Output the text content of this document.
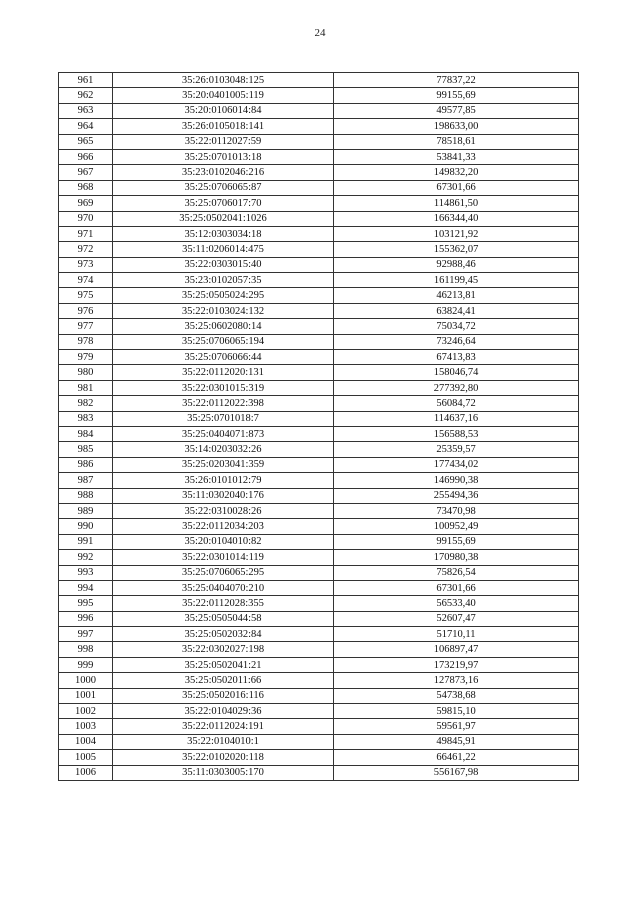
24
961	35:26:0103048:125	77837,22
962	35:20:0401005:119	99155,69
963	35:20:0106014:84	49577,85
964	35:26:0105018:141	198633,00
965	35:22:0112027:59	78518,61
966	35:25:0701013:18	53841,33
967	35:23:0102046:216	149832,20
968	35:25:0706065:87	67301,66
969	35:25:0706017:70	114861,50
970	35:25:0502041:1026	166344,40
971	35:12:0303034:18	103121,92
972	35:11:0206014:475	155362,07
973	35:22:0303015:40	92988,46
974	35:23:0102057:35	161199,45
975	35:25:0505024:295	46213,81
976	35:22:0103024:132	63824,41
977	35:25:0602080:14	75034,72
978	35:25:0706065:194	73246,64
979	35:25:0706066:44	67413,83
980	35:22:0112020:131	158046,74
981	35:22:0301015:319	277392,80
982	35:22:0112022:398	56084,72
983	35:25:0701018:7	114637,16
984	35:25:0404071:873	156588,53
985	35:14:0203032:26	25359,57
986	35:25:0203041:359	177434,02
987	35:26:0101012:79	146990,38
988	35:11:0302040:176	255494,36
989	35:22:0310028:26	73470,98
990	35:22:0112034:203	100952,49
991	35:20:0104010:82	99155,69
992	35:22:0301014:119	170980,38
993	35:25:0706065:295	75826,54
994	35:25:0404070:210	67301,66
995	35:22:0112028:355	56533,40
996	35:25:0505044:58	52607,47
997	35:25:0502032:84	51710,11
998	35:22:0302027:198	106897,47
999	35:25:0502041:21	173219,97
1000	35:25:0502011:66	127873,16
1001	35:25:0502016:116	54738,68
1002	35:22:0104029:36	59815,10
1003	35:22:0112024:191	59561,97
1004	35:22:0104010:1	49845,91
1005	35:22:0102020:118	66461,22
1006	35:11:0303005:170	556167,98
